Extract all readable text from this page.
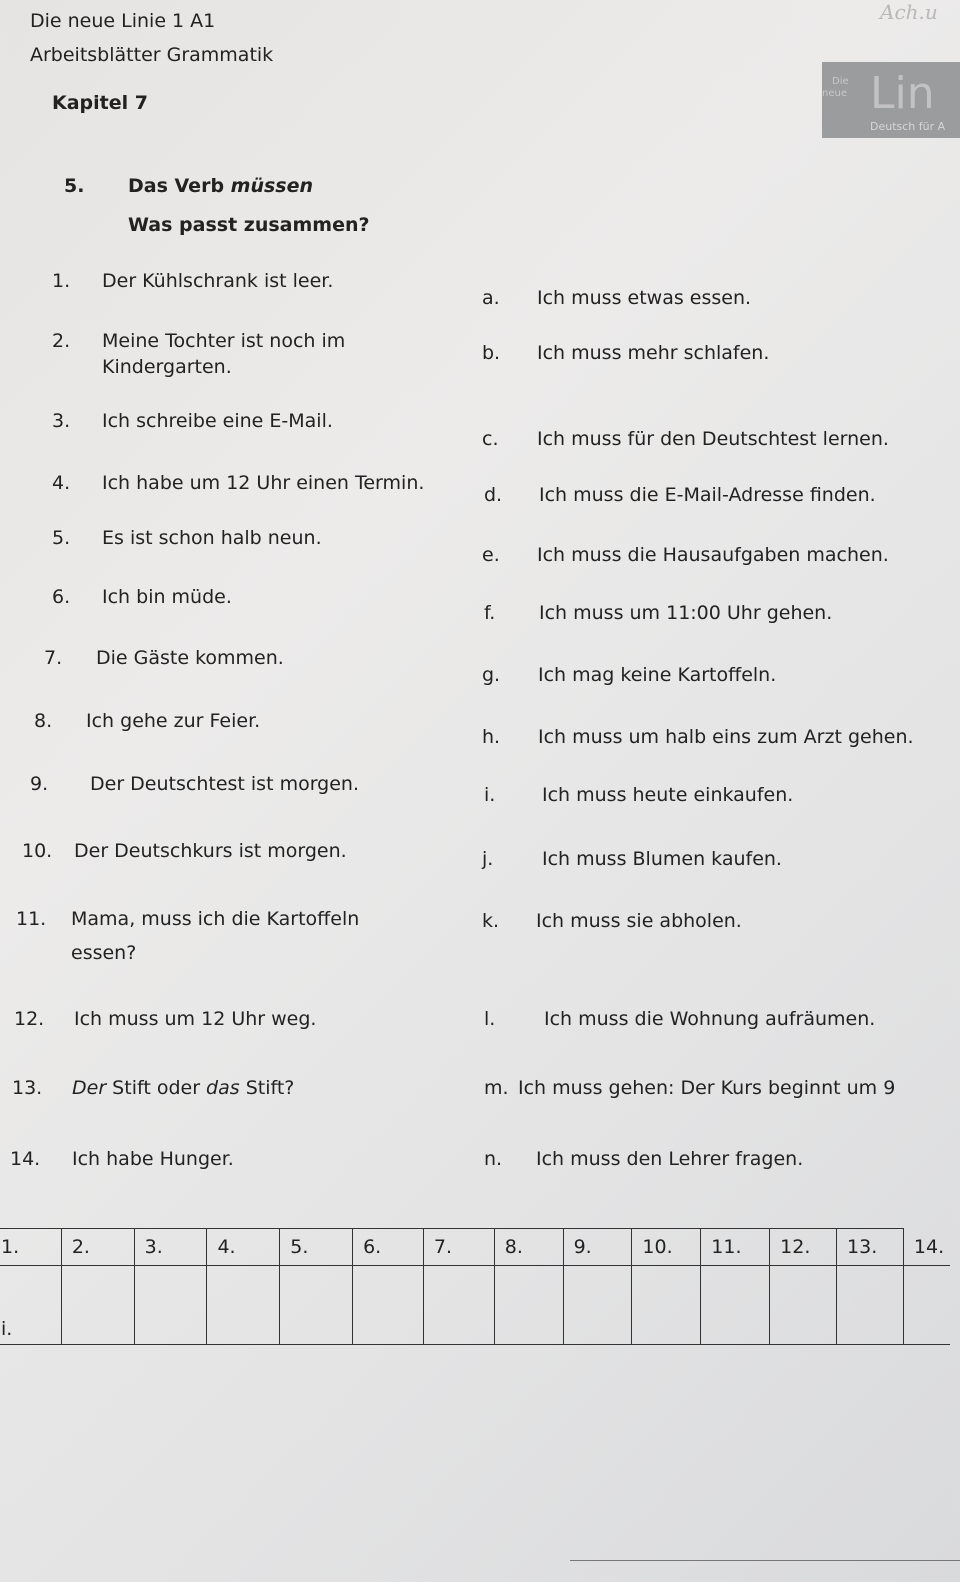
Die neue Linie 1 A1
Arbeitsblätter Grammatik
Kapitel 7
Ach.u
Die
neue Lin
Deutsch für A
5. Das Verb müssen
Was passt zusammen?
1. Der Kühlschrank ist leer.
2. Meine Tochter ist noch im
Kindergarten.
3. Ich schreibe eine E-Mail.
4. Ich habe um 12 Uhr einen Termin.
5. Es ist schon halb neun.
6. Ich bin müde.
7. Die Gäste kommen.
8. Ich gehe zur Feier.
9. Der Deutschtest ist morgen.
10. Der Deutschkurs ist morgen.
11. Mama, muss ich die Kartoffeln
essen?
12. Ich muss um 12 Uhr weg.
13. Der Stift oder das Stift?
14. Ich habe Hunger.
a. Ich muss etwas essen.
b. Ich muss mehr schlafen.
c. Ich muss für den Deutschtest lernen.
d. Ich muss die E-Mail-Adresse finden.
e. Ich muss die Hausaufgaben machen.
f. Ich muss um 11:00 Uhr gehen.
g. Ich mag keine Kartoffeln.
h. Ich muss um halb eins zum Arzt gehen.
i. Ich muss heute einkaufen.
j.	Ich muss Blumen kaufen.
k. Ich muss sie abholen.
l.	Ich muss die Wohnung aufräumen.
m. Ich muss gehen: Der Kurs beginnt um 9
n. Ich muss den Lehrer fragen.
1.	2.	3.	4.	5.	6.	7.	8.	9.	10.	11.	12.	13.	14.
i.													
